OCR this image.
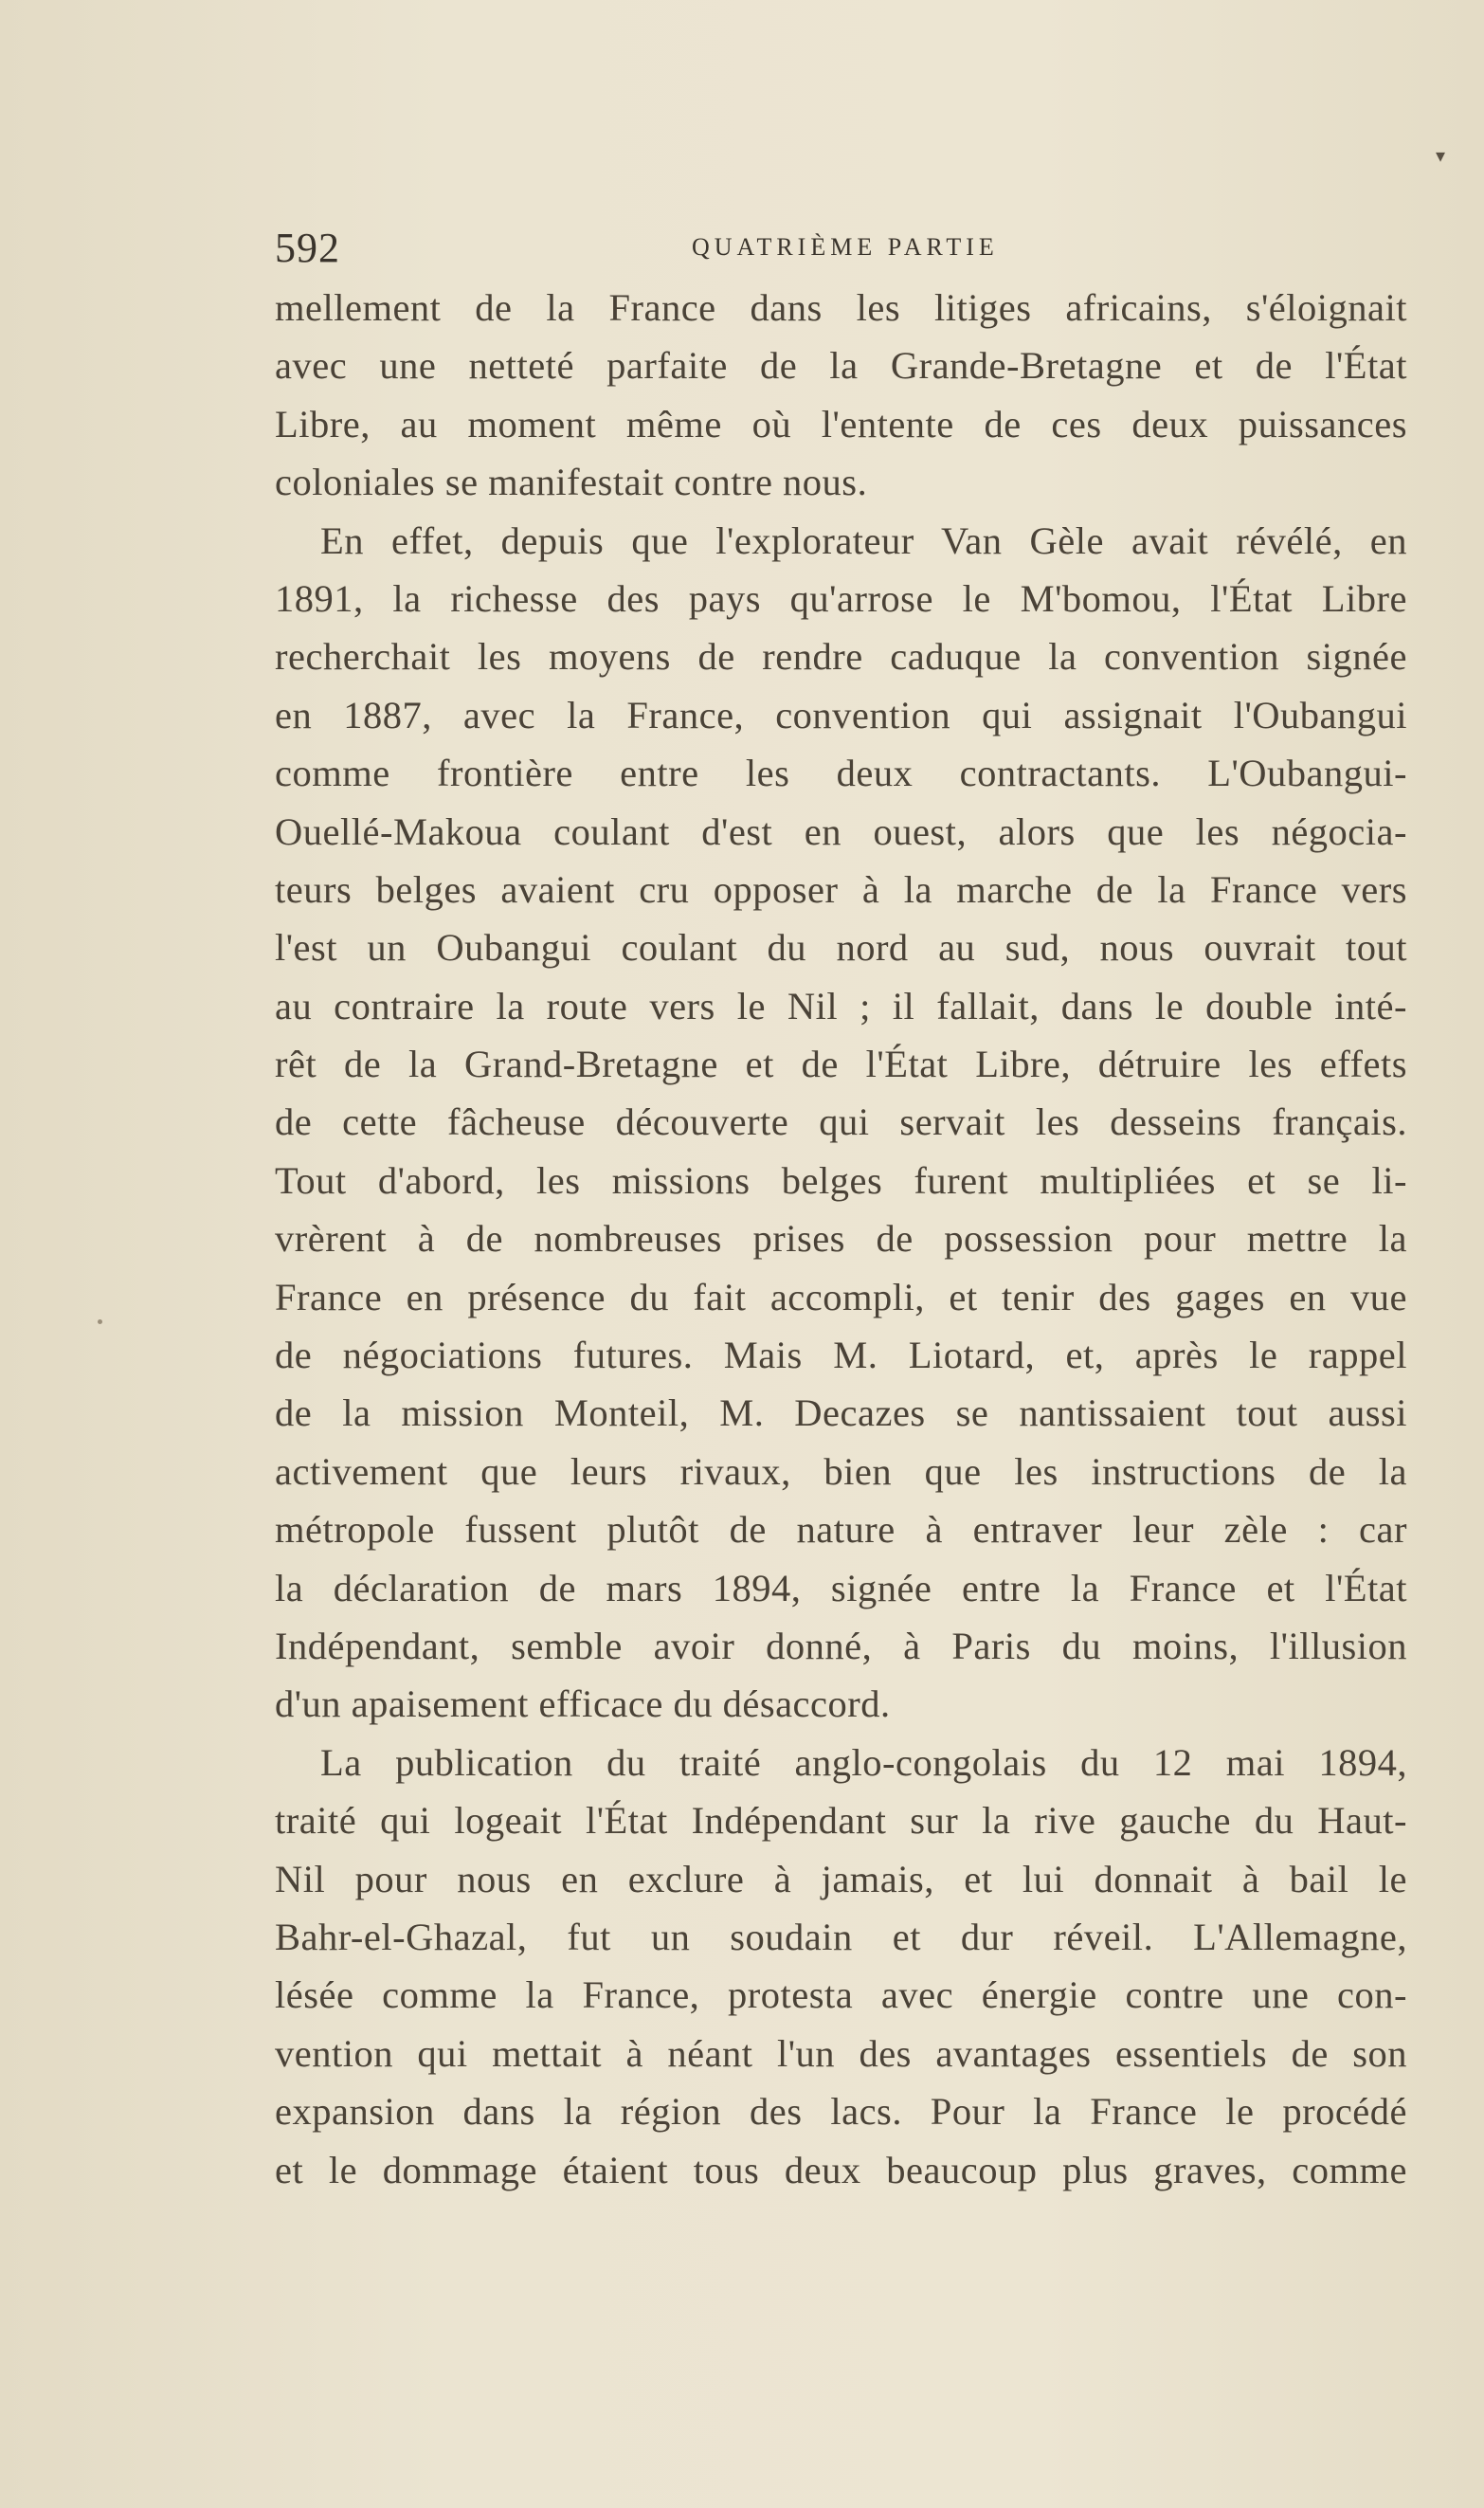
▾
592	QUATRIÈME PARTIE
mellement de la France dans les litiges africains, s'éloignait
avec une netteté parfaite de la Grande-Bretagne et de l'État
Libre, au moment même où l'entente de ces deux puissances
coloniales se manifestait contre nous.
En effet, depuis que l'explorateur Van Gèle avait révélé, en
1891, la richesse des pays qu'arrose le M'bomou, l'État Libre
recherchait les moyens de rendre caduque la convention signée
en 1887, avec la France, convention qui assignait l'Oubangui
comme frontière entre les deux contractants. L'Oubangui-
Ouellé-Makoua coulant d'est en ouest, alors que les négocia-
teurs belges avaient cru opposer à la marche de la France vers
l'est un Oubangui coulant du nord au sud, nous ouvrait tout
au contraire la route vers le Nil ; il fallait, dans le double inté-
rêt de la Grand-Bretagne et de l'État Libre, détruire les effets
de cette fâcheuse découverte qui servait les desseins français.
Tout d'abord, les missions belges furent multipliées et se li-
vrèrent à de nombreuses prises de possession pour mettre la
France en présence du fait accompli, et tenir des gages en vue
de négociations futures. Mais M. Liotard, et, après le rappel
de la mission Monteil, M. Decazes se nantissaient tout aussi
activement que leurs rivaux, bien que les instructions de la
métropole fussent plutôt de nature à entraver leur zèle : car
la déclaration de mars 1894, signée entre la France et l'État
Indépendant, semble avoir donné, à Paris du moins, l'illusion
d'un apaisement efficace du désaccord.
La publication du traité anglo-congolais du 12 mai 1894,
traité qui logeait l'État Indépendant sur la rive gauche du Haut-
Nil pour nous en exclure à jamais, et lui donnait à bail le
Bahr-el-Ghazal, fut un soudain et dur réveil. L'Allemagne,
lésée comme la France, protesta avec énergie contre une con-
vention qui mettait à néant l'un des avantages essentiels de son
expansion dans la région des lacs. Pour la France le procédé
et le dommage étaient tous deux beaucoup plus graves, comme
